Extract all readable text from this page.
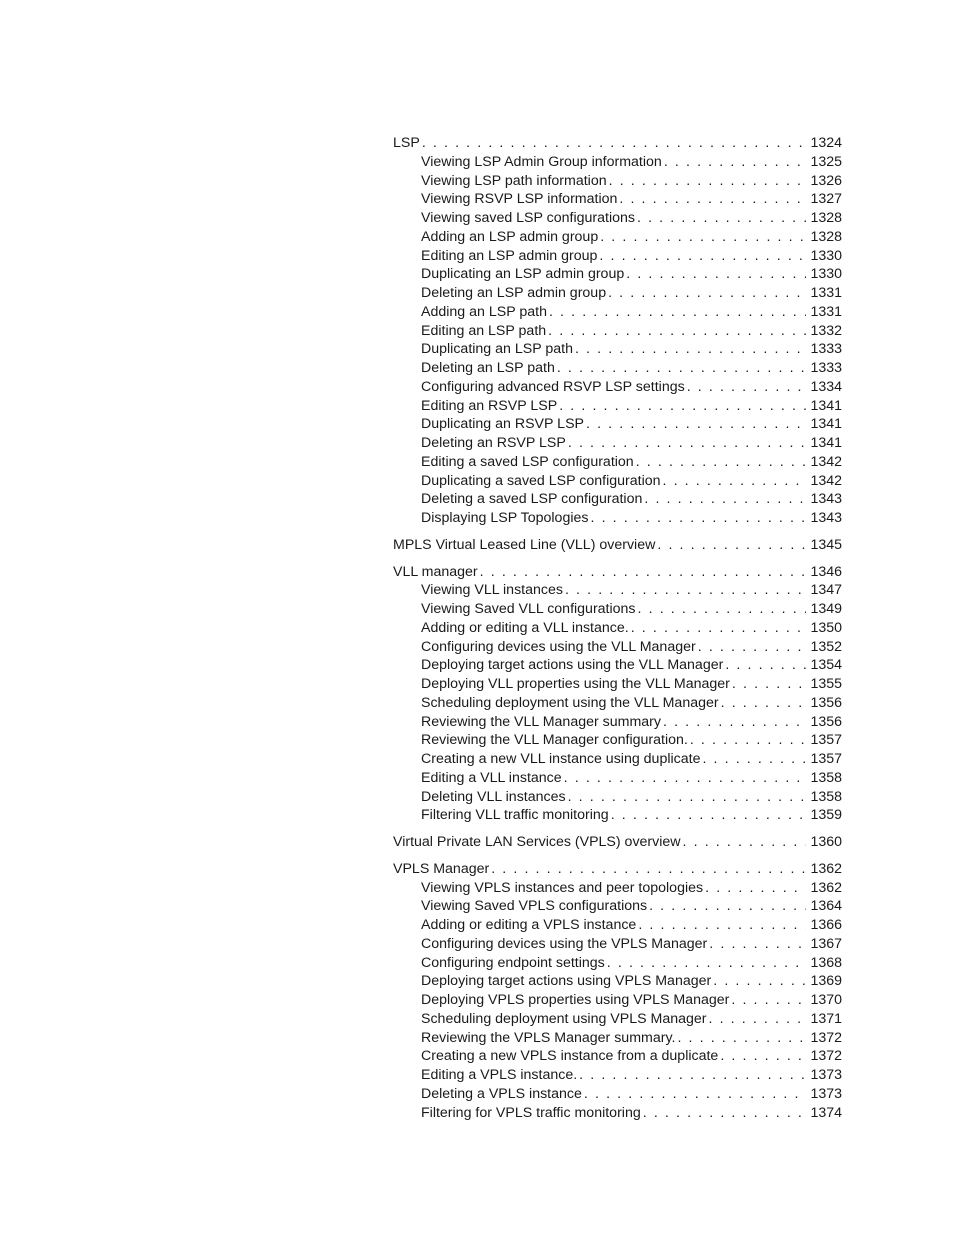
LSP . . .	1324
Viewing LSP Admin Group information . . .	1325
Viewing LSP path information . . .	1326
Viewing RSVP LSP information . . .	1327
Viewing saved LSP configurations . . .	1328
Adding an LSP admin group . . .	1328
Editing an LSP admin group . . .	1330
Duplicating an LSP admin group . . .	1330
Deleting an LSP admin group . . .	1331
Adding an LSP path . . .	1331
Editing an LSP path . . .	1332
Duplicating an LSP path . . .	1333
Deleting an LSP path . . .	1333
Configuring advanced RSVP LSP settings . . .	1334
Editing an RSVP LSP . . .	1341
Duplicating an RSVP LSP . . .	1341
Deleting an RSVP LSP . . .	1341
Editing a saved LSP configuration . . .	1342
Duplicating a saved LSP configuration . . .	1342
Deleting a saved LSP configuration . . .	1343
Displaying LSP Topologies . . .	1343
MPLS Virtual Leased Line (VLL) overview . . .	1345
VLL manager . . .	1346
Viewing VLL instances . . .	1347
Viewing Saved VLL configurations . . .	1349
Adding or editing a VLL instance. . . .	1350
Configuring devices using the VLL Manager . . .	1352
Deploying target actions using the VLL Manager . . .	1354
Deploying VLL properties using the VLL Manager . . .	1355
Scheduling deployment using the VLL Manager . . .	1356
Reviewing the VLL Manager summary . . .	1356
Reviewing the VLL Manager configuration. . . .	1357
Creating a new VLL instance using duplicate . . .	1357
Editing a VLL instance . . .	1358
Deleting VLL instances . . .	1358
Filtering VLL traffic monitoring . . .	1359
Virtual Private LAN Services (VPLS) overview . . .	1360
VPLS Manager . . .	1362
Viewing VPLS instances and peer topologies . . .	1362
Viewing Saved VPLS configurations . . .	1364
Adding or editing a VPLS instance . . .	1366
Configuring devices using the VPLS Manager . . .	1367
Configuring endpoint settings . . .	1368
Deploying target actions using VPLS Manager . . .	1369
Deploying VPLS properties using VPLS Manager . . .	1370
Scheduling deployment using VPLS Manager . . .	1371
Reviewing the VPLS Manager summary. . . .	1372
Creating a new VPLS instance from a duplicate . . .	1372
Editing a VPLS instance. . . .	1373
Deleting a VPLS instance . . .	1373
Filtering for VPLS traffic monitoring . . .	1374
